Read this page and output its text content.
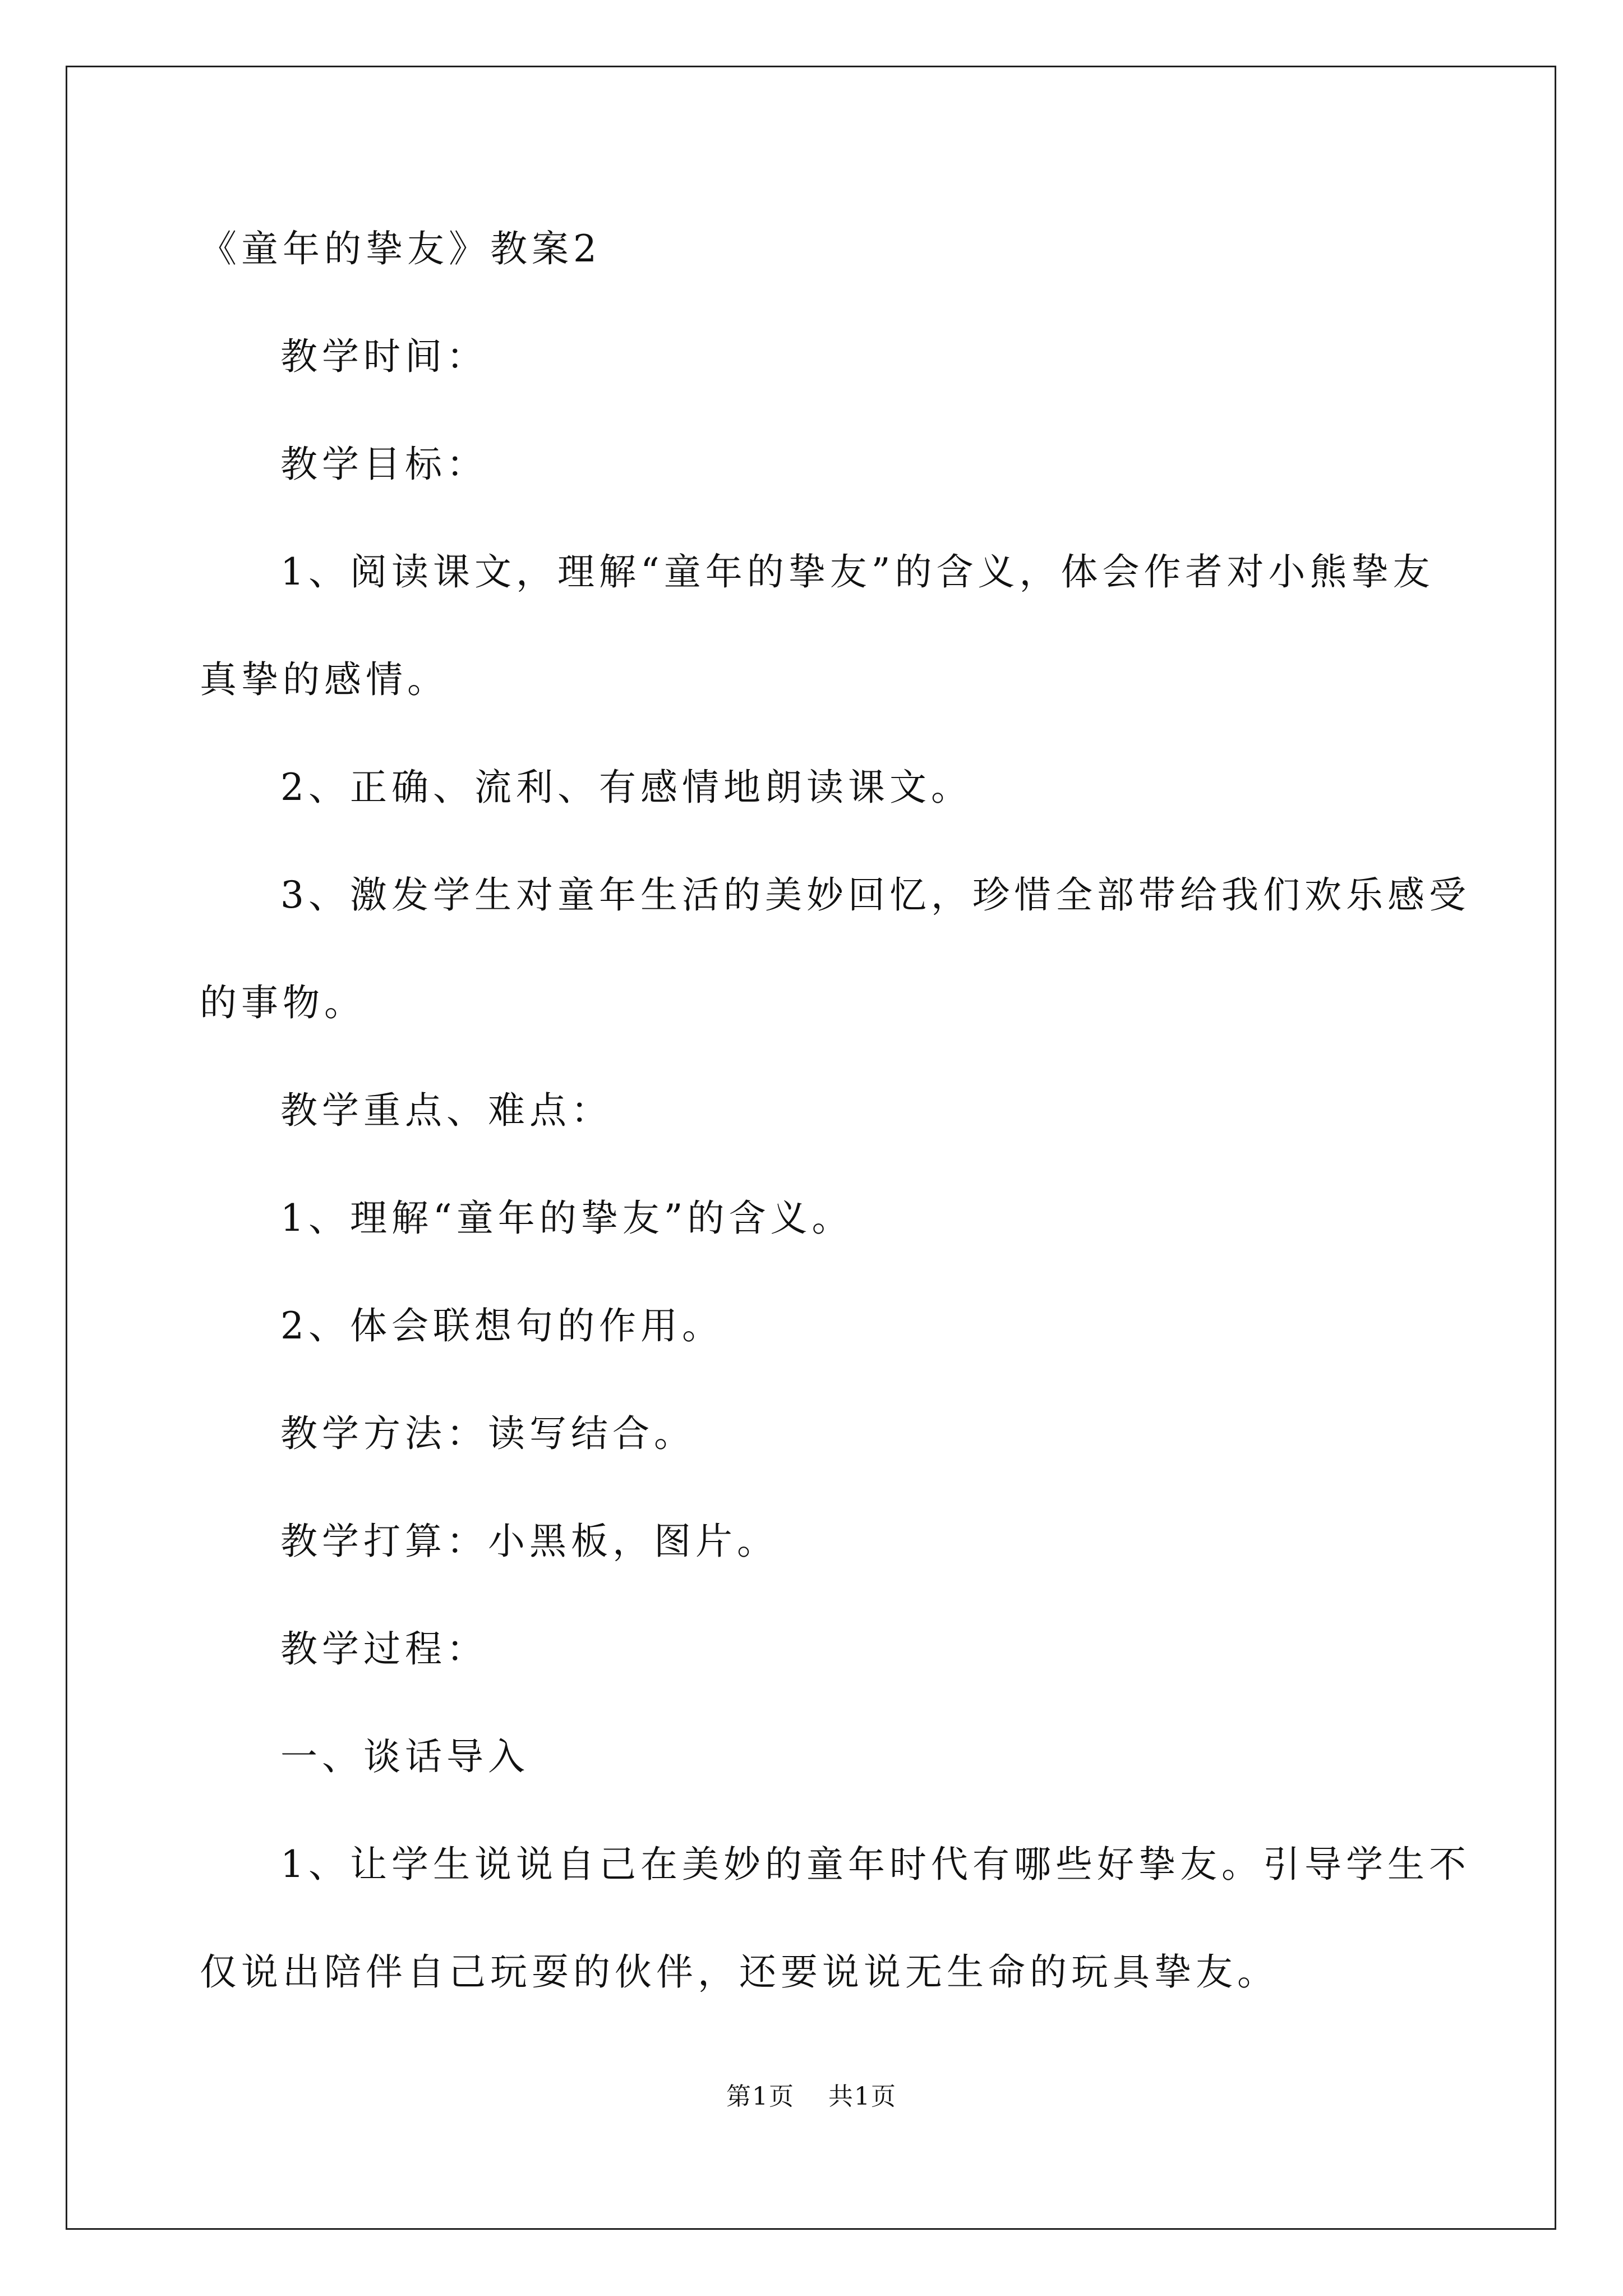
《童年的挚友》教案2
教学时间：
教学目标：
1、阅读课文，理解“童年的挚友”的含义，体会作者对小熊挚友
真挚的感情。
2、正确、流利、有感情地朗读课文。
3、激发学生对童年生活的美妙回忆，珍惜全部带给我们欢乐感受
的事物。
教学重点、难点：
1、理解“童年的挚友”的含义。
2、体会联想句的作用。
教学方法：读写结合。
教学打算：小黑板，图片。
教学过程：
一、谈话导入
1、让学生说说自己在美妙的童年时代有哪些好挚友。引导学生不
仅说出陪伴自己玩耍的伙伴，还要说说无生命的玩具挚友。
第1页 共1页
